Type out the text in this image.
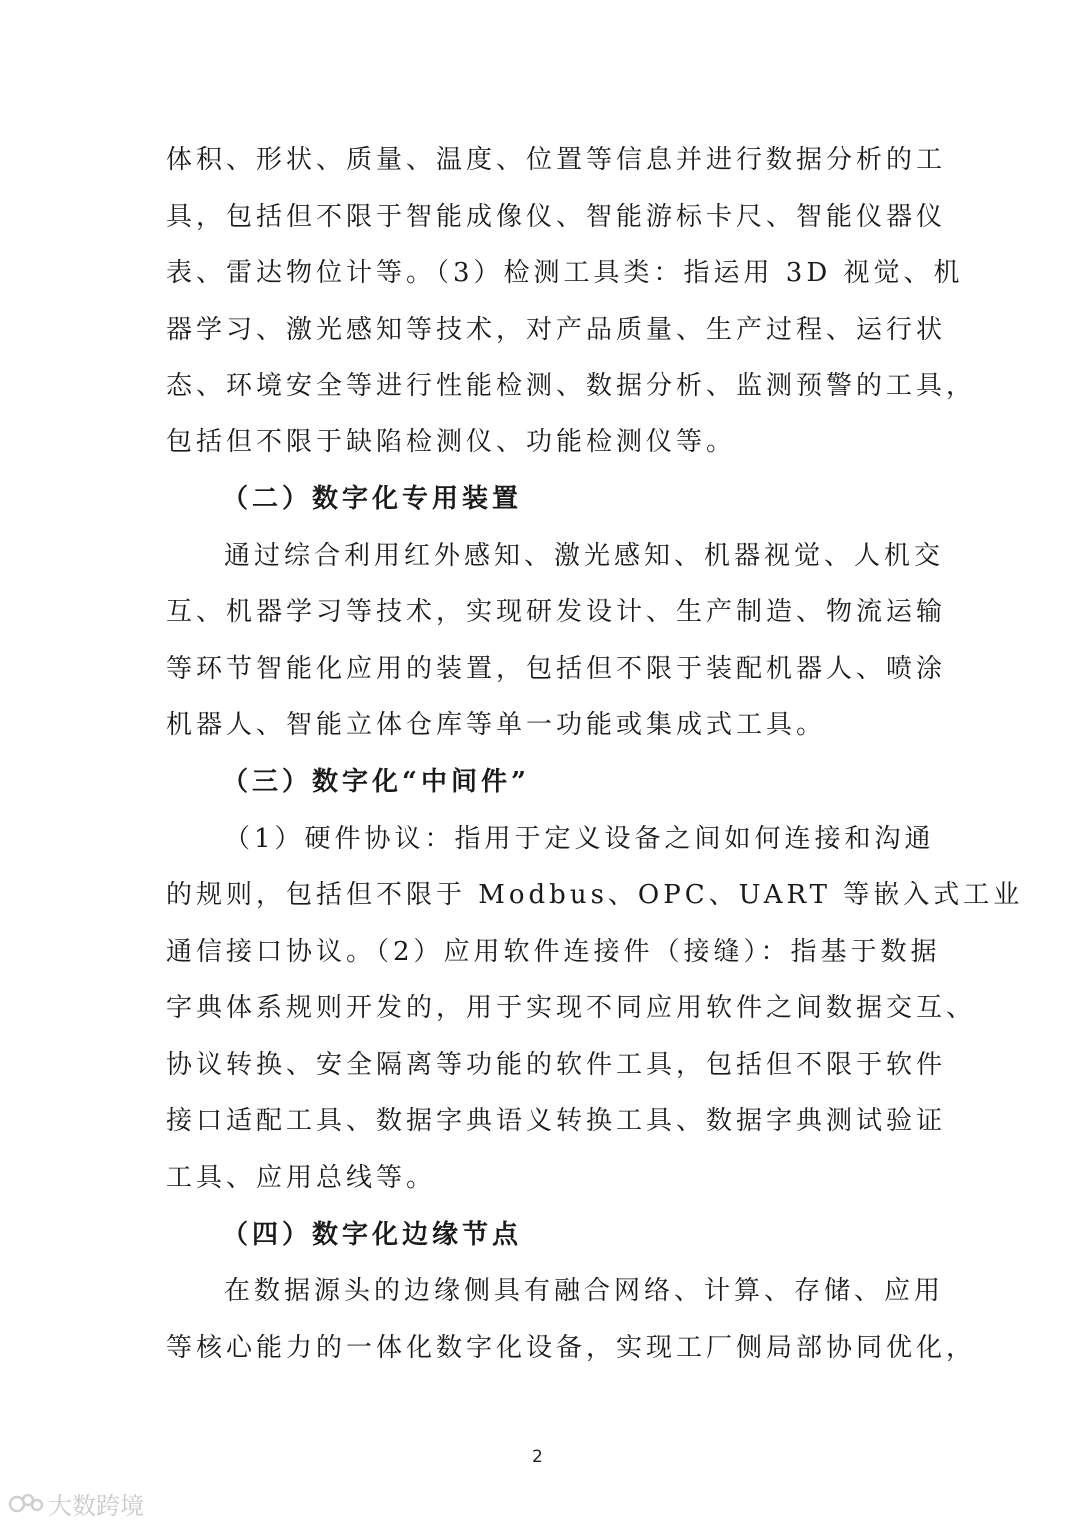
体积、形状、质量、温度、位置等信息并进行数据分析的工
具，包括但不限于智能成像仪、智能游标卡尺、智能仪器仪
表、雷达物位计等。（3）检测工具类：指运用 3D 视觉、机
器学习、激光感知等技术，对产品质量、生产过程、运行状
态、环境安全等进行性能检测、数据分析、监测预警的工具，
包括但不限于缺陷检测仪、功能检测仪等。
（二）数字化专用装置
通过综合利用红外感知、激光感知、机器视觉、人机交
互、机器学习等技术，实现研发设计、生产制造、物流运输
等环节智能化应用的装置，包括但不限于装配机器人、喷涂
机器人、智能立体仓库等单一功能或集成式工具。
（三）数字化“中间件”
（1）硬件协议：指用于定义设备之间如何连接和沟通
的规则，包括但不限于 Modbus、OPC、UART 等嵌入式工业
通信接口协议。（2）应用软件连接件（接缝）：指基于数据
字典体系规则开发的，用于实现不同应用软件之间数据交互、
协议转换、安全隔离等功能的软件工具，包括但不限于软件
接口适配工具、数据字典语义转换工具、数据字典测试验证
工具、应用总线等。
（四）数字化边缘节点
在数据源头的边缘侧具有融合网络、计算、存储、应用
等核心能力的一体化数字化设备，实现工厂侧局部协同优化，
2
大数跨境
